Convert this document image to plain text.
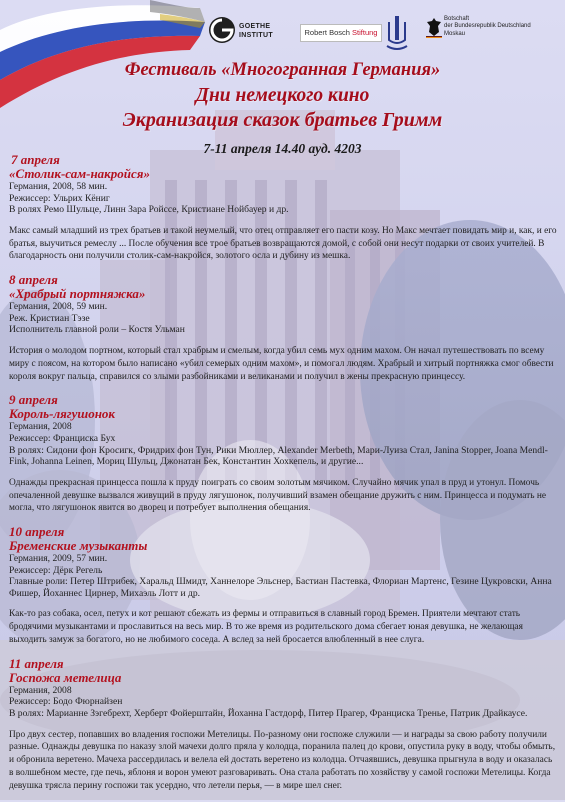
GOETHE
INSTITUT	Robert Bosch Stiftung
Botschaft
der Bundesrepublik Deutschland
Moskau

Фестиваль «Многогранная Германия»

Дни немецкого кино

Экранизация сказок братьев Гримм

7-11 апреля 14.40 ауд. 4203
7 апреля
«Столик-сам-накройся»
Германия, 2008, 58 мин.
Режиссер: Ульрих Кёниг
В ролях Ремо Шульце, Линн Зара Ройссе, Кристиане Нойбауер и др.
Макс самый младший из трех братьев и такой неумелый, что отец отправляет его пасти козу. Но Макс мечтает повидать мир и, как, и его братья, выучиться ремеслу ... После обучения все трое братьев возвращаются домой, с собой они несут подарки от своих учителей. В благодарность они получили столик-сам-накройся, золотого осла и дубину из мешка.
8 апреля
«Храбрый портняжка»
Германия, 2008, 59 мин.
Реж. Кристиан Тэзе
Исполнитель главной роли – Костя Ульман
История о молодом портном, который стал храбрым и смелым, когда убил семь мух одним махом. Он начал путешествовать по всему миру с поясом, на котором было написано «убил семерых одним махом», и помогал людям. Храбрый и хитрый портняжка смог обвести короля вокруг пальца, справился со злыми разбойниками и великанами и получил в жены прекрасную принцессу.
9 апреля
Король-лягушонок
Германия, 2008
Режиссер: Франциска Бух
В ролях: Сидони фон Кросигк, Фридрих фон Тун, Рики Мюллер, Alexander Merbeth, Мари-Луиза Стал, Janina Stopper, Joana Mendl-Fink, Johanna Leinen, Мориц Шульц, Джонатан Бек, Константин Хохкепель, и другие...
Однажды прекрасная принцесса пошла к пруду поиграть со своим золотым мячиком. Случайно мячик упал в пруд и утонул. Помочь опечаленной девушке вызвался живущий в пруду лягушонок, получивший взамен обещание дружить с ним. Принцесса и подумать не могла, что лягушонок явится во дворец и потребует выполнения обещания.
10 апреля
Бременские музыканты
Германия, 2009, 57 мин.
Режиссер: Дёрк Регель
Главные роли: Петер Штрибек, Харальд Шмидт, Ханнелоре Эльснер, Бастиан Пастевка, Флориан Мартенс, Гезине Цукровски, Анна Фишер, Йоханнес Цирнер, Михаэль Лотт и др.
Как-то раз собака, осел, петух и кот решают сбежать из фермы и отправиться в славный город Бремен. Приятели мечтают стать бродячими музыкантами и прославиться на весь мир. В то же время из родительского дома сбегает юная девушка, не желающая выходить замуж за богатого, но не любимого соседа. А вслед за ней бросается влюбленный в нее слуга.
11 апреля
Госпожа метелица
Германия, 2008
Режиссер: Бодо Фюрнайзен
В ролях: Марианне Зэгебрехт, Херберт Фойерштайн, Йоханна Гастдорф, Питер Прагер, Франциска Тренье, Патрик Драйкаусе.
Про двух сестер, попавших во владения госпожи Метелицы. По-разному они госпоже служили — и награды за свою работу получили разные. Однажды девушка по наказу злой мачехи долго пряла у колодца, поранила палец до крови, опустила руку в воду, чтобы обмыть, и обронила веретено. Мачеха рассердилась и велела ей достать веретено из колодца. Отчаявшись, девушка прыгнула в воду и оказалась в волшебном месте, где печь, яблоня и ворон умеют разговаривать. Она стала работать по хозяйству у самой госпожи Метелицы. Когда девушка трясла перину госпожи так усердно, что летели перья, — в мире шел снег.
